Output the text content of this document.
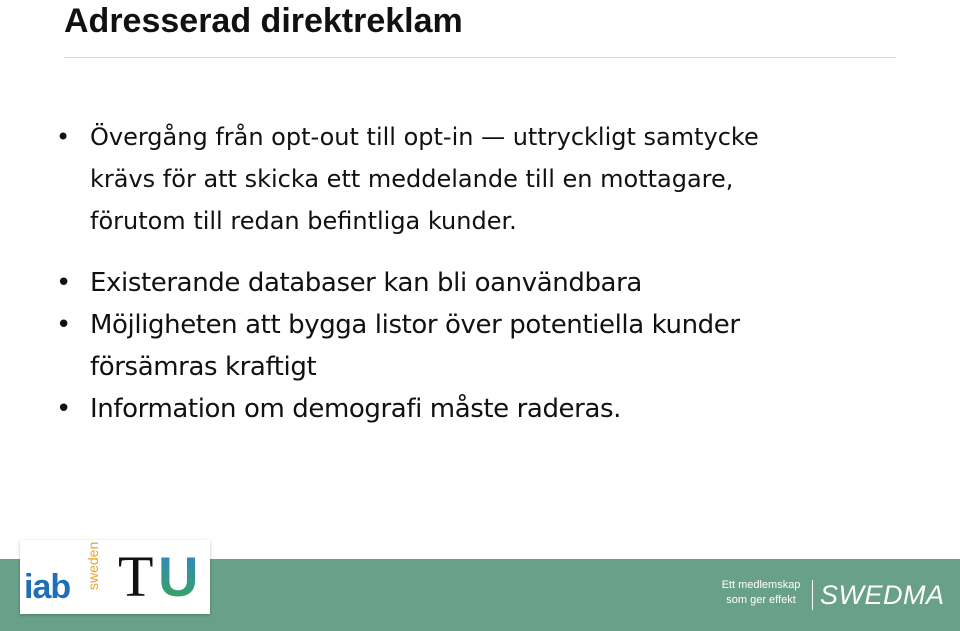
Adresserad direktreklam
• Övergång från opt-out till opt-in — uttryckligt samtycke
krävs för att skicka ett meddelande till en mottagare,
förutom till redan befintliga kunder.
• Existerande databaser kan bli oanvändbara
• Möjligheten att bygga listor över potentiella kunder
försämras kraftigt
• Information om demografi måste raderas.
iab sweden T U	Ett medlemskap
som ger effekt SWEDMA
